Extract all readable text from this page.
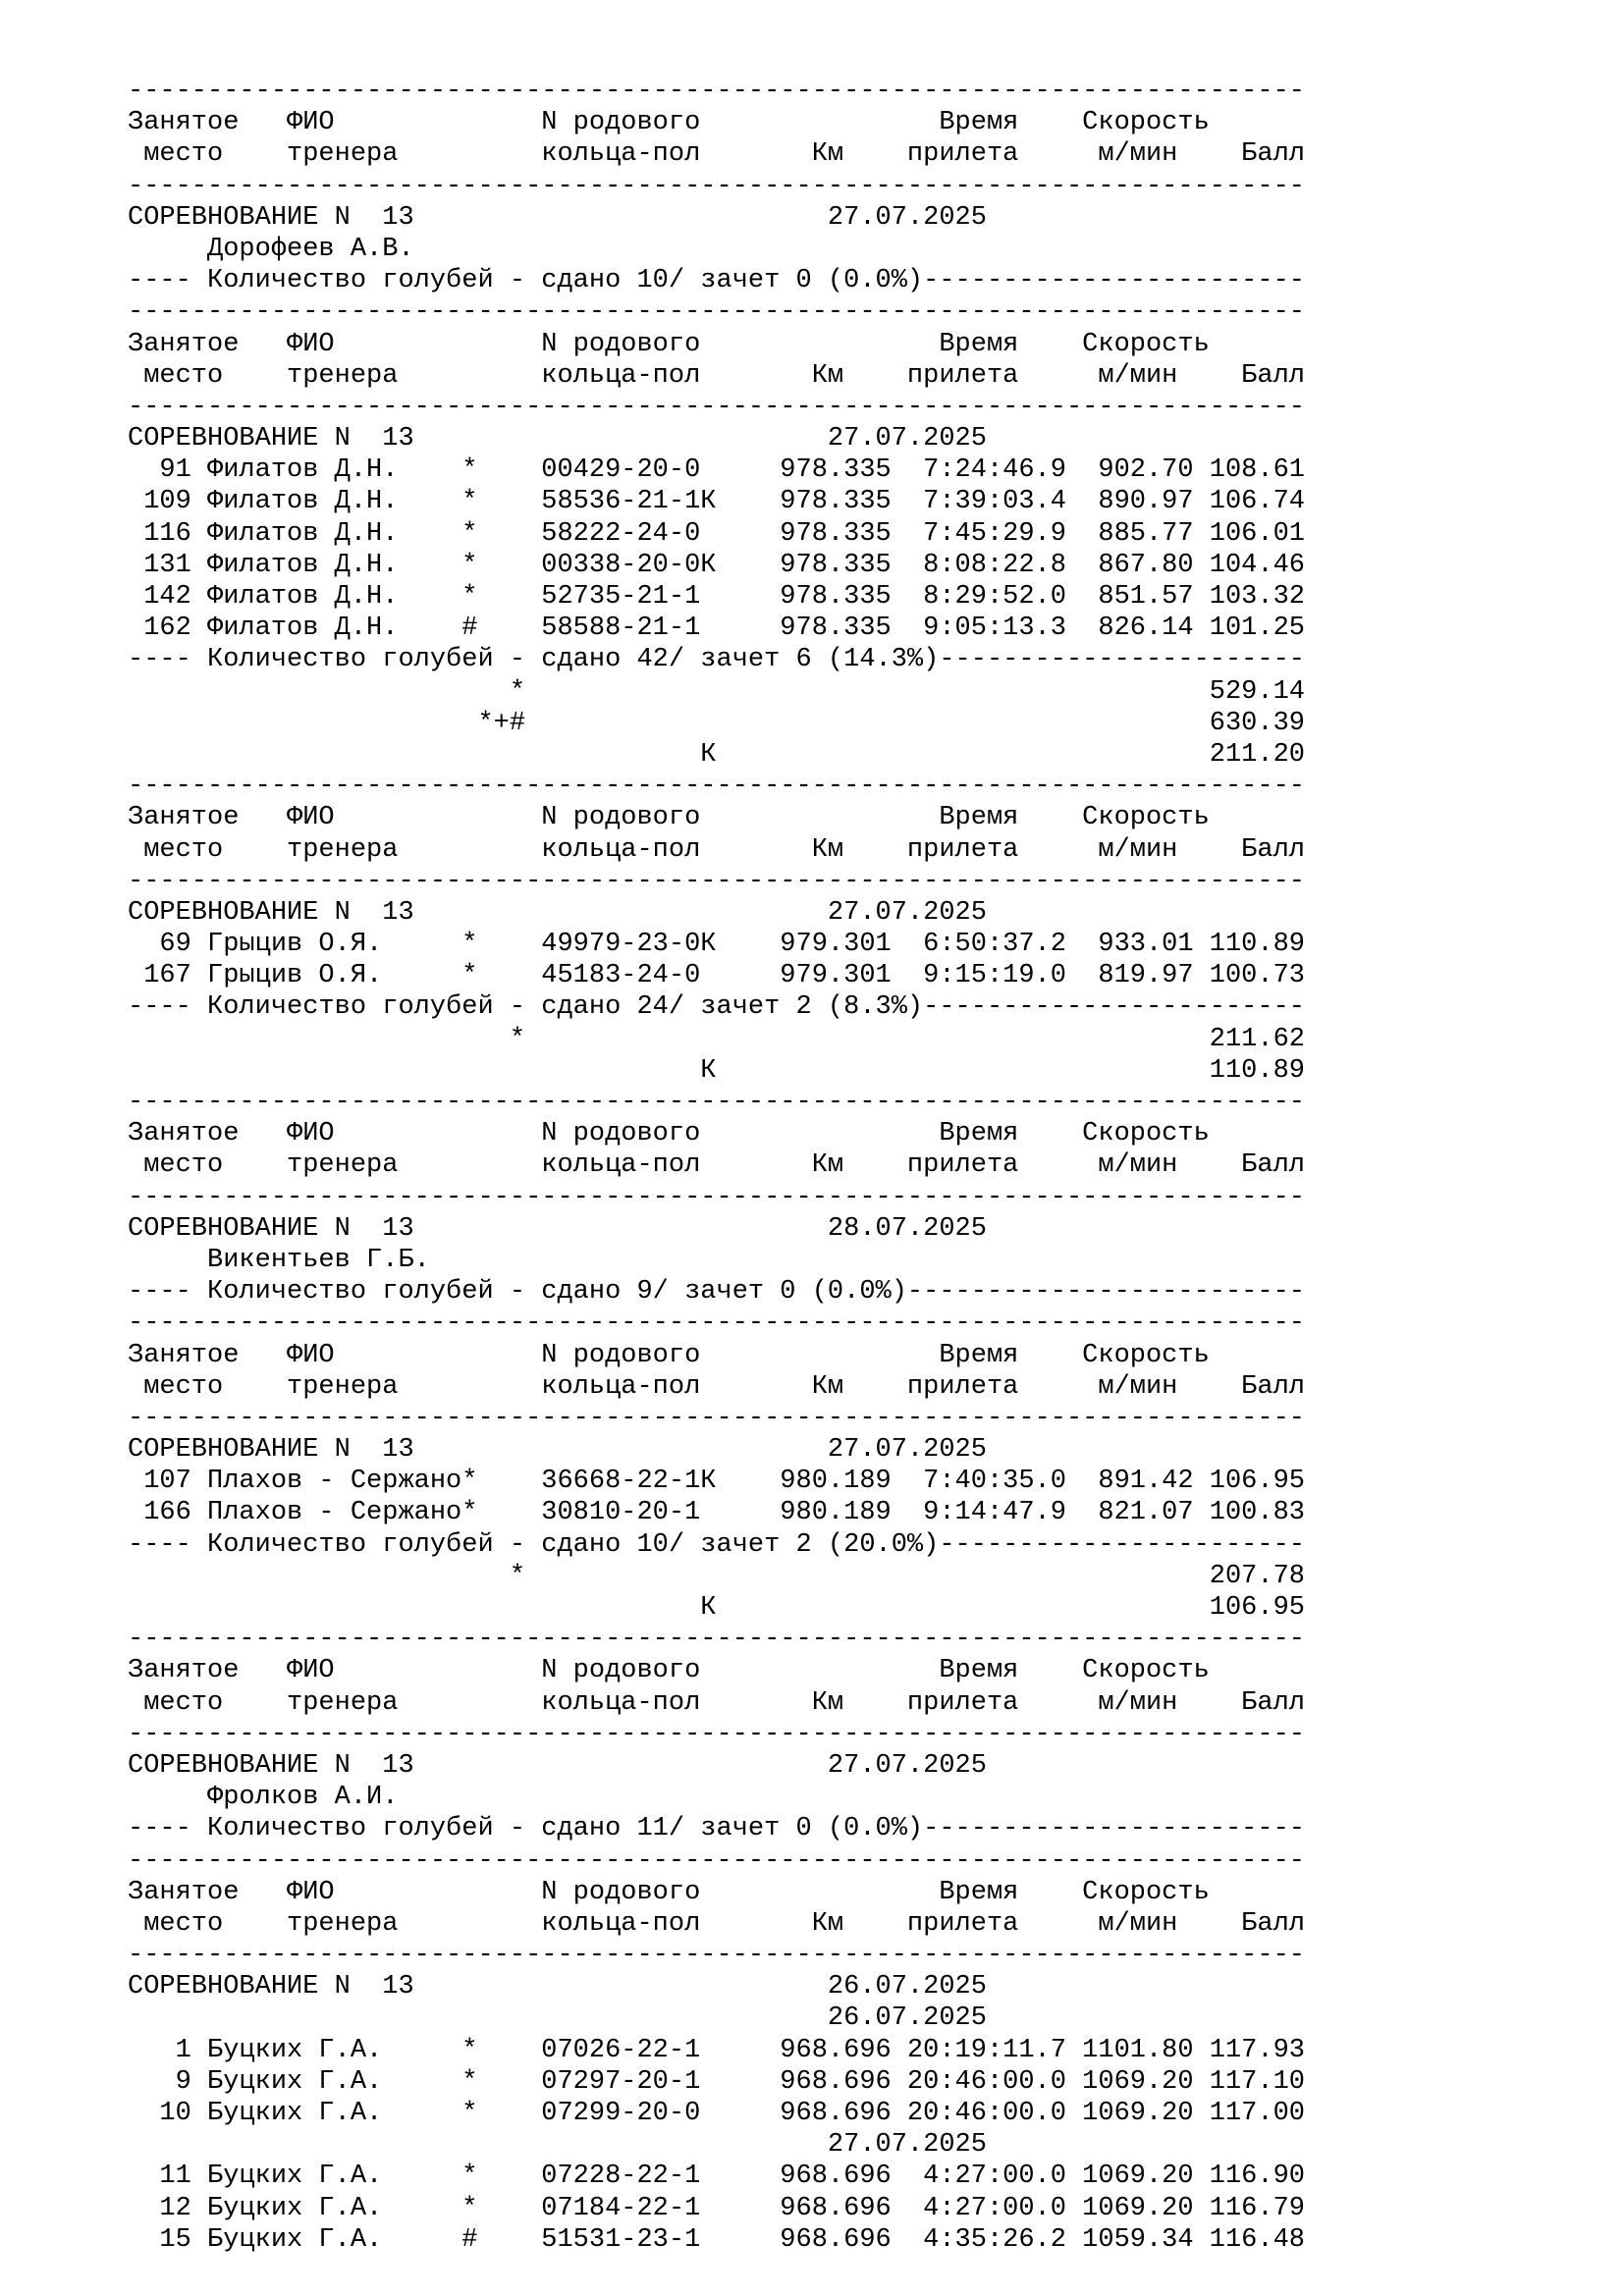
--------------------------------------------------------------------------
Занятое   ФИО             N родового               Время    Скорость
место    тренера         кольца-пол       Км    прилета     м/мин    Балл
--------------------------------------------------------------------------
СОРЕВНОВАНИЕ N  13                          27.07.2025
Дорофеев А.В.
---- Количество голубей - сдано 10/ зачет 0 (0.0%)------------------------
--------------------------------------------------------------------------
Занятое   ФИО             N родового               Время    Скорость
место    тренера         кольца-пол       Км    прилета     м/мин    Балл
--------------------------------------------------------------------------
СОРЕВНОВАНИЕ N  13                          27.07.2025
91 Филатов Д.Н.    *    00429-20-0     978.335  7:24:46.9  902.70 108.61
109 Филатов Д.Н.    *    58536-21-1К    978.335  7:39:03.4  890.97 106.74
116 Филатов Д.Н.    *    58222-24-0     978.335  7:45:29.9  885.77 106.01
131 Филатов Д.Н.    *    00338-20-0К    978.335  8:08:22.8  867.80 104.46
142 Филатов Д.Н.    *    52735-21-1     978.335  8:29:52.0  851.57 103.32
162 Филатов Д.Н.    #    58588-21-1     978.335  9:05:13.3  826.14 101.25
---- Количество голубей - сдано 42/ зачет 6 (14.3%)-----------------------
*                                           529.14
*+#                                           630.39
К                               211.20
--------------------------------------------------------------------------
Занятое   ФИО             N родового               Время    Скорость
место    тренера         кольца-пол       Км    прилета     м/мин    Балл
--------------------------------------------------------------------------
СОРЕВНОВАНИЕ N  13                          27.07.2025
69 Грыцив О.Я.     *    49979-23-0К    979.301  6:50:37.2  933.01 110.89
167 Грыцив О.Я.     *    45183-24-0     979.301  9:15:19.0  819.97 100.73
---- Количество голубей - сдано 24/ зачет 2 (8.3%)------------------------
*                                           211.62
К                               110.89
--------------------------------------------------------------------------
Занятое   ФИО             N родового               Время    Скорость
место    тренера         кольца-пол       Км    прилета     м/мин    Балл
--------------------------------------------------------------------------
СОРЕВНОВАНИЕ N  13                          28.07.2025
Викентьев Г.Б.
---- Количество голубей - сдано 9/ зачет 0 (0.0%)-------------------------
--------------------------------------------------------------------------
Занятое   ФИО             N родового               Время    Скорость
место    тренера         кольца-пол       Км    прилета     м/мин    Балл
--------------------------------------------------------------------------
СОРЕВНОВАНИЕ N  13                          27.07.2025
107 Плахов - Сержано*    36668-22-1К    980.189  7:40:35.0  891.42 106.95
166 Плахов - Сержано*    30810-20-1     980.189  9:14:47.9  821.07 100.83
---- Количество голубей - сдано 10/ зачет 2 (20.0%)-----------------------
*                                           207.78
К                               106.95
--------------------------------------------------------------------------
Занятое   ФИО             N родового               Время    Скорость
место    тренера         кольца-пол       Км    прилета     м/мин    Балл
--------------------------------------------------------------------------
СОРЕВНОВАНИЕ N  13                          27.07.2025
Фролков А.И.
---- Количество голубей - сдано 11/ зачет 0 (0.0%)------------------------
--------------------------------------------------------------------------
Занятое   ФИО             N родового               Время    Скорость
место    тренера         кольца-пол       Км    прилета     м/мин    Балл
--------------------------------------------------------------------------
СОРЕВНОВАНИЕ N  13                          26.07.2025
26.07.2025
1 Буцких Г.А.     *    07026-22-1     968.696 20:19:11.7 1101.80 117.93
9 Буцких Г.А.     *    07297-20-1     968.696 20:46:00.0 1069.20 117.10
10 Буцких Г.А.     *    07299-20-0     968.696 20:46:00.0 1069.20 117.00
27.07.2025
11 Буцких Г.А.     *    07228-22-1     968.696  4:27:00.0 1069.20 116.90
12 Буцких Г.А.     *    07184-22-1     968.696  4:27:00.0 1069.20 116.79
15 Буцких Г.А.     #    51531-23-1     968.696  4:35:26.2 1059.34 116.48
